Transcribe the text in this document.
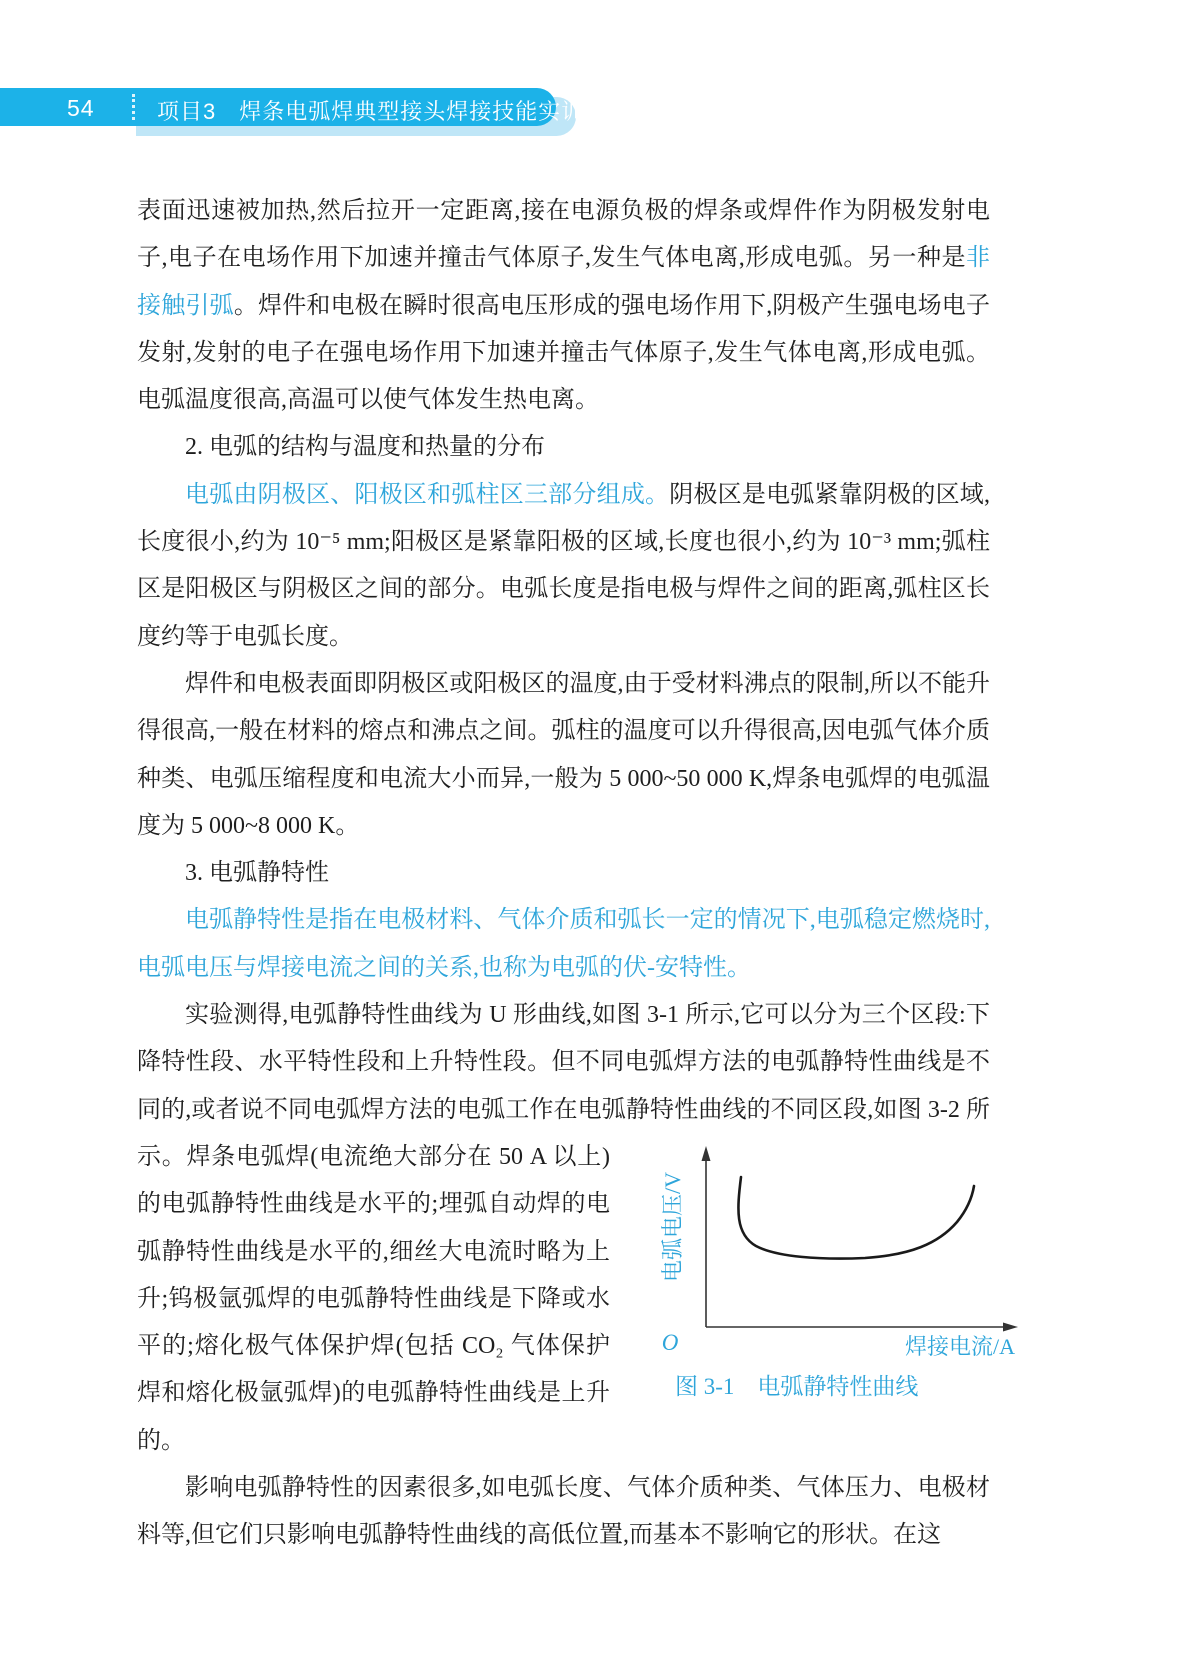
54	项目3　焊条电弧焊典型接头焊接技能实训

表面迅速被加热,然后拉开一定距离,接在电源负极的焊条或焊件作为阴极发射电子,电子在电场作用下加速并撞击气体原子,发生气体电离,形成电弧。另一种是非接触引弧。焊件和电极在瞬时很高电压形成的强电场作用下,阴极产生强电场电子发射,发射的电子在强电场作用下加速并撞击气体原子,发生气体电离,形成电弧。电弧温度很高,高温可以使气体发生热电离。

2. 电弧的结构与温度和热量的分布

电弧由阴极区、阳极区和弧柱区三部分组成。阴极区是电弧紧靠阴极的区域,长度很小,约为 10⁻⁵ mm;阳极区是紧靠阳极的区域,长度也很小,约为 10⁻³ mm;弧柱区是阳极区与阴极区之间的部分。电弧长度是指电极与焊件之间的距离,弧柱区长度约等于电弧长度。

焊件和电极表面即阴极区或阳极区的温度,由于受材料沸点的限制,所以不能升得很高,一般在材料的熔点和沸点之间。弧柱的温度可以升得很高,因电弧气体介质种类、电弧压缩程度和电流大小而异,一般为 5 000~50 000 K,焊条电弧焊的电弧温度为 5 000~8 000 K。

3. 电弧静特性

电弧静特性是指在电极材料、气体介质和弧长一定的情况下,电弧稳定燃烧时,电弧电压与焊接电流之间的关系,也称为电弧的伏-安特性。

实验测得,电弧静特性曲线为 U 形曲线,如图 3-1 所示,它可以分为三个区段:下降特性段、水平特性段和上升特性段。但不同电弧焊方法的电弧静特性曲线是不同的,或者说不同电弧焊方法的电弧工作在电弧静特性曲线的不同区段,
O	焊接电流/A
电弧电压/V
图 3-1　电弧静特性曲线
如图 3-2 所示。焊条电弧焊(电流绝大部分在 50 A 以上)的电弧静特性曲线是水平的;埋弧自动焊的电弧静特性曲线是水平的,细丝大电流时略为上升;钨极氩弧焊的电弧静特性曲线是下降或水平的;熔化极气体保护焊(包括 CO₂ 气体保护焊和熔化极氩弧焊)的电弧静特性曲线是上升的。

影响电弧静特性的因素很多,如电弧长度、气体介质种类、气体压力、电极材料等,但它们只影响电弧静特性曲线的高低位置,而基本不影响它的形状。在这
